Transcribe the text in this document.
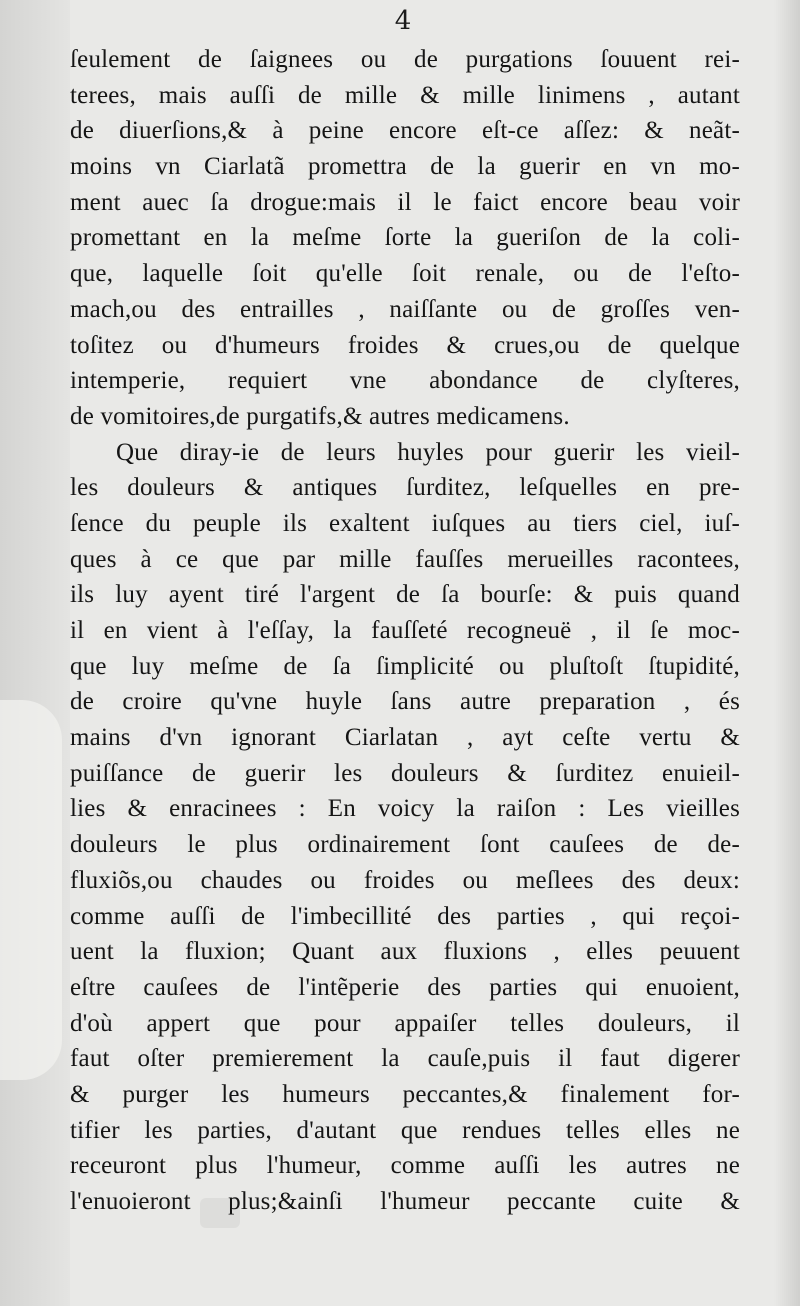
4
ſeulement de ſaignees ou de purgations ſouuent rei-
terees, mais auſſi de mille & mille linimens , autant
de diuerſions,& à peine encore eſt-ce aſſez: & neãt-
moins vn Ciarlatã promettra de la guerir en vn mo-
ment auec ſa drogue:mais il le faict encore beau voir
promettant en la meſme ſorte la gueriſon de la coli-
que, laquelle ſoit qu'elle ſoit renale, ou de l'eſto-
mach,ou des entrailles , naiſſante ou de groſſes ven-
toſitez ou d'humeurs froides & crues,ou de quelque
intemperie, requiert vne abondance de clyſteres,
de vomitoires,de purgatifs,& autres medicamens.
Que diray-ie de leurs huyles pour guerir les vieil-
les douleurs & antiques ſurditez, leſquelles en pre-
ſence du peuple ils exaltent iuſques au tiers ciel, iuſ-
ques à ce que par mille fauſſes merueilles racontees,
ils luy ayent tiré l'argent de ſa bourſe: & puis quand
il en vient à l'eſſay, la fauſſeté recogneuë , il ſe moc-
que luy meſme de ſa ſimplicité ou pluſtoſt ſtupidité,
de croire qu'vne huyle ſans autre preparation , és
mains d'vn ignorant Ciarlatan , ayt ceſte vertu &
puiſſance de guerir les douleurs & ſurditez enuieil-
lies & enracinees : En voicy la raiſon : Les vieilles
douleurs le plus ordinairement ſont cauſees de de-
fluxiõs,ou chaudes ou froides ou meſlees des deux:
comme auſſi de l'imbecillité des parties , qui reçoi-
uent la fluxion; Quant aux fluxions , elles peuuent
eſtre cauſees de l'intẽperie des parties qui enuoient,
d'où appert que pour appaiſer telles douleurs, il
faut oſter premierement la cauſe,puis il faut digerer
& purger les humeurs peccantes,& finalement for-
tifier les parties, d'autant que rendues telles elles ne
receuront plus l'humeur, comme auſſi les autres ne
l'enuoieront plus;&ainſi l'humeur peccante cuite &
